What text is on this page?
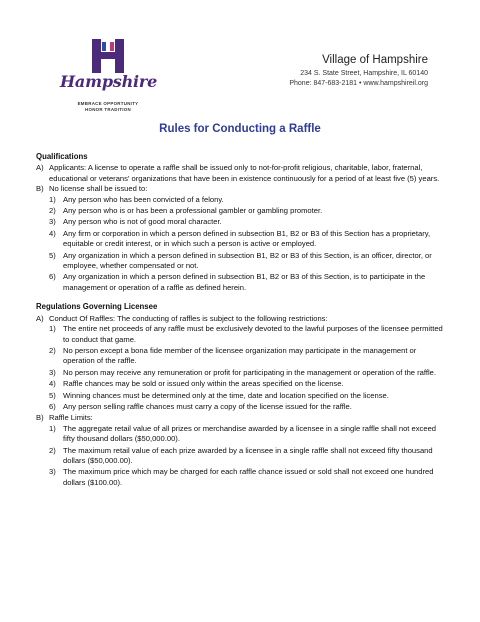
Hampshire
EMBRACE OPPORTUNITY
HONOR TRADITION
Village of Hampshire
234 S. State Street, Hampshire, IL 60140
Phone: 847-683-2181 • www.hampshireil.org
Rules for Conducting a Raffle
Qualifications
A) Applicants: A license to operate a raffle shall be issued only to not-for-profit religious, charitable, labor, fraternal, educational or veterans' organizations that have been in existence continuously for a period of at least five (5) years.
B) No license shall be issued to:
1) Any person who has been convicted of a felony.
2) Any person who is or has been a professional gambler or gambling promoter.
3) Any person who is not of good moral character.
4) Any firm or corporation in which a person defined in subsection B1, B2 or B3 of this Section has a proprietary, equitable or credit interest, or in which such a person is active or employed.
5) Any organization in which a person defined in subsection B1, B2 or B3 of this Section, is an officer, director, or employee, whether compensated or not.
6) Any organization in which a person defined in subsection B1, B2 or B3 of this Section, is to participate in the management or operation of a raffle as defined herein.
Regulations Governing Licensee
A) Conduct Of Raffles: The conducting of raffles is subject to the following restrictions:
1) The entire net proceeds of any raffle must be exclusively devoted to the lawful purposes of the licensee permitted to conduct that game.
2) No person except a bona fide member of the licensee organization may participate in the management or operation of the raffle.
3) No person may receive any remuneration or profit for participating in the management or operation of the raffle.
4) Raffle chances may be sold or issued only within the areas specified on the license.
5) Winning chances must be determined only at the time, date and location specified on the license.
6) Any person selling raffle chances must carry a copy of the license issued for the raffle.
B) Raffle Limits:
1) The aggregate retail value of all prizes or merchandise awarded by a licensee in a single raffle shall not exceed fifty thousand dollars ($50,000.00).
2) The maximum retail value of each prize awarded by a licensee in a single raffle shall not exceed fifty thousand dollars ($50,000.00).
3) The maximum price which may be charged for each raffle chance issued or sold shall not exceed one hundred dollars ($100.00).
